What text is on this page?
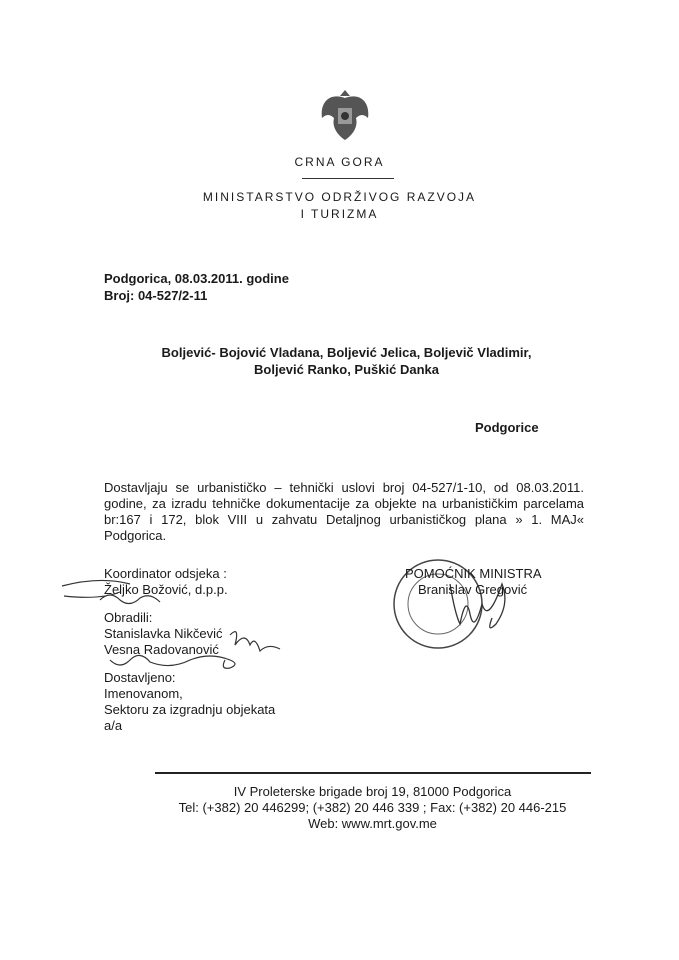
CRNA GORA
MINISTARSTVO ODRŽIVOG RAZVOJA
I TURIZMA
Podgorica, 08.03.2011. godine
Broj: 04-527/2-11
Boljević- Bojović Vladana, Boljević Jelica, Boljevič Vladimir,
Boljević Ranko, Puškić Danka
Podgorice
Dostavljaju se urbanističko – tehnički uslovi broj 04-527/1-10, od 08.03.2011.
godine, za izradu tehničke dokumentacije za objekte na urbanističkim parcelama
br:167 i 172, blok VIII u zahvatu Detaljnog urbanističkog plana » 1. MAJ« Podgorica.
Koordinator odsjeka :
Željko Božović, d.p.p.
Obradili:
Stanislavka Nikčević
Vesna Radovanović
Dostavljeno:
Imenovanom,
Sektoru za izgradnju objekata
a/a
POMOĆNIK MINISTRA
Branislav Gregović
IV Proleterske brigade broj 19, 81000 Podgorica
Tel: (+382) 20 446299; (+382) 20 446 339 ; Fax: (+382) 20 446-215
Web: www.mrt.gov.me
